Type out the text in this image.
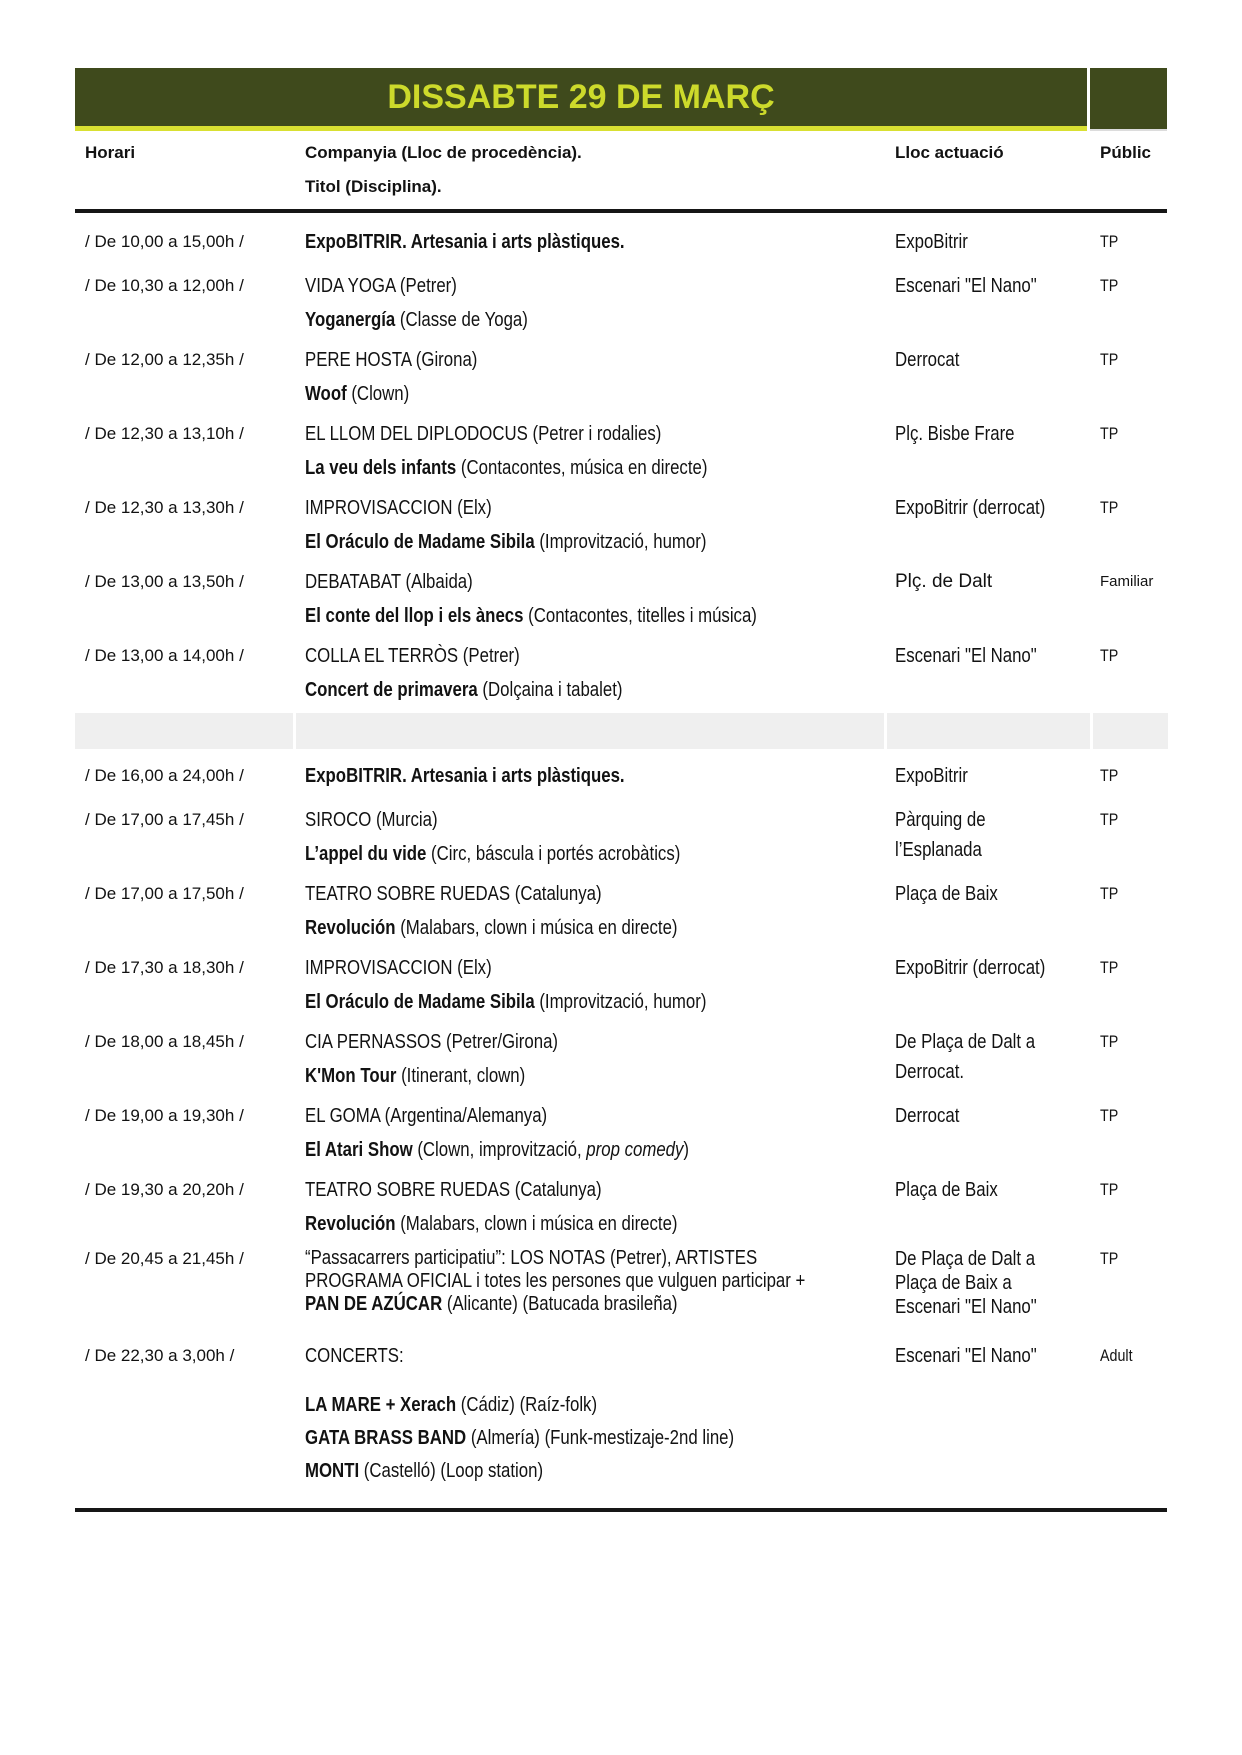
DISSABTE 29 DE MARÇ
Horari	Companyia (Lloc de procedència).	Lloc actuació	Públic
Titol (Disciplina).
/ De 10,00 a 15,00h /	ExpoBITRIR. Artesania i arts plàstiques.	ExpoBitrir	TP
/ De 10,30 a 12,00h /	VIDA YOGA (Petrer)
Yoganergía (Classe de Yoga)
Escenari "El Nano"	TP
/ De 12,00 a 12,35h /	PERE HOSTA (Girona)
Woof (Clown)
Derrocat	TP
/ De 12,30 a 13,10h /	EL LLOM DEL DIPLODOCUS (Petrer i rodalies)
La veu dels infants (Contacontes, música en directe)
Plç. Bisbe Frare	TP
/ De 12,30 a 13,30h /	IMPROVISACCION (Elx)
El Oráculo de Madame Sibila (Improvització, humor)
ExpoBitrir (derrocat)	TP
/ De 13,00 a 13,50h /	DEBATABAT (Albaida)
El conte del llop i els ànecs (Contacontes, titelles i música)
Plç. de Dalt	Familiar
/ De 13,00 a 14,00h /	COLLA EL TERRÒS (Petrer)
Concert de primavera (Dolçaina i tabalet)
Escenari "El Nano"	TP
/ De 16,00 a 24,00h /	ExpoBITRIR. Artesania i arts plàstiques.	ExpoBitrir	TP
/ De 17,00 a 17,45h /	SIROCO (Murcia)
L’appel du vide (Circ, báscula i portés acrobàtics)
Pàrquing de
l’Esplanada
TP
/ De 17,00 a 17,50h /	TEATRO SOBRE RUEDAS (Catalunya)
Revolución (Malabars, clown i música en directe)
Plaça de Baix	TP
/ De 17,30 a 18,30h /	IMPROVISACCION (Elx)
El Oráculo de Madame Sibila (Improvització, humor)
ExpoBitrir (derrocat)	TP
/ De 18,00 a 18,45h /	CIA PERNASSOS (Petrer/Girona)
K'Mon Tour (Itinerant, clown)
De Plaça de Dalt a
Derrocat.
TP
/ De 19,00 a 19,30h /	EL GOMA (Argentina/Alemanya)
El Atari Show (Clown, improvització, prop comedy)
Derrocat	TP
/ De 19,30 a 20,20h /	TEATRO SOBRE RUEDAS (Catalunya)
Revolución (Malabars, clown i música en directe)
Plaça de Baix	TP
/ De 20,45 a 21,45h /	“Passacarrers participatiu”: LOS NOTAS (Petrer), ARTISTES
PROGRAMA OFICIAL i totes les persones que vulguen participar +
PAN DE AZÚCAR (Alicante) (Batucada brasileña)
De Plaça de Dalt a
Plaça de Baix a
Escenari "El Nano"
TP
/ De 22,30 a 3,00h /	CONCERTS:
LA MARE + Xerach (Cádiz) (Raíz-folk)
GATA BRASS BAND (Almería) (Funk-mestizaje-2nd line)
MONTI (Castelló) (Loop station)
Escenari "El Nano"	Adult
